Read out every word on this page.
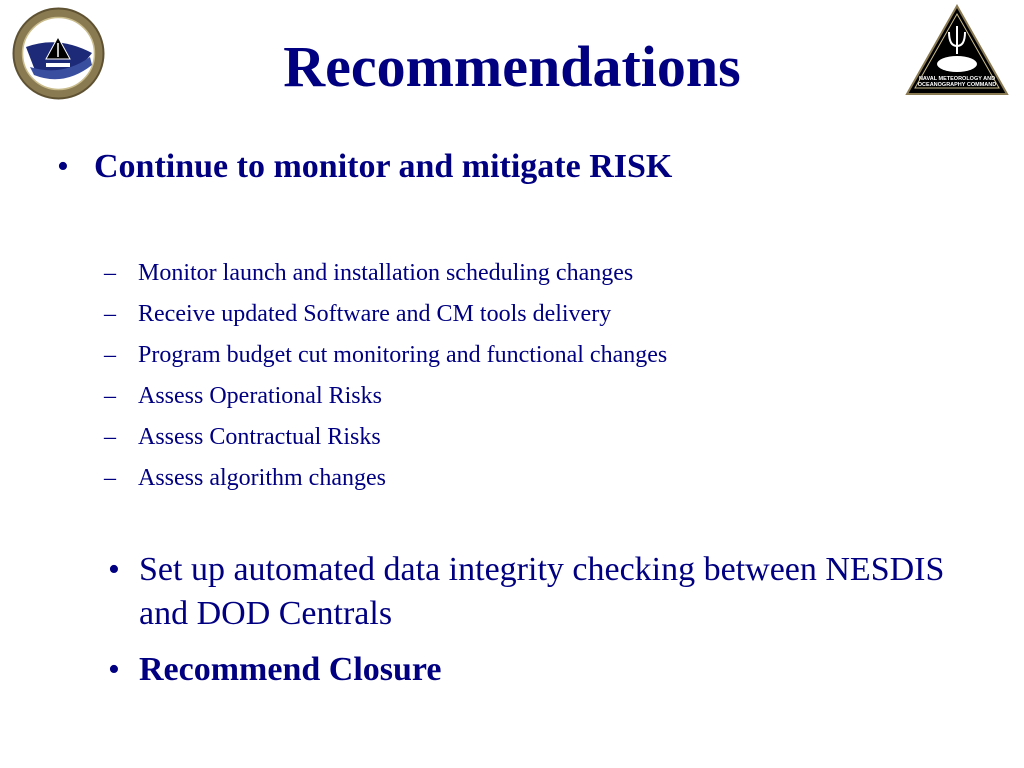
NAVAL METEOROLOGY AND
OCEANOGRAPHY COMMAND
Recommendations
• Continue to monitor and mitigate RISK
– Monitor launch and installation scheduling changes
– Receive updated Software and CM tools delivery
– Program budget cut monitoring and functional changes
– Assess Operational Risks
– Assess Contractual Risks
– Assess algorithm changes
• Set up automated data integrity checking between NESDIS and DOD Centrals
• Recommend Closure
